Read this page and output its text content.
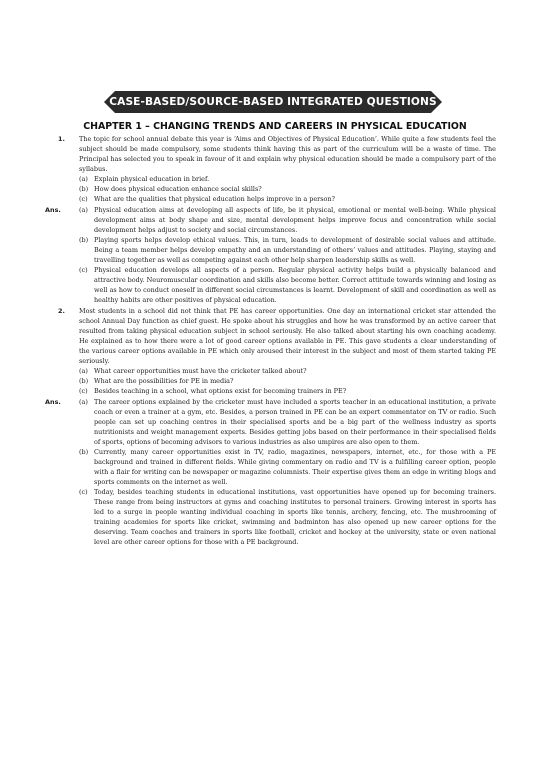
CASE-BASED/SOURCE-BASED INTEGRATED QUESTIONS
CHAPTER 1 – CHANGING TRENDS AND CAREERS IN PHYSICAL EDUCATION
1. The topic for school annual debate this year is ‘Aims and Objectives of Physical Education’. While quite a few students feel the subject should be made compulsory, some students think having this as part of the curriculum will be a waste of time. The Principal has selected you to speak in favour of it and explain why physical education should be made a compulsory part of the syllabus.

(a) Explain physical education in brief.
(b) How does physical education enhance social skills?
(c) What are the qualities that physical education helps improve in a person?
Ans.	(a) Physical education aims at developing all aspects of life, be it physical, emotional or mental well-being. While physical development aims at body shape and size, mental development helps improve focus and concentration while social development helps adjust to society and social circumstances.
(b) Playing sports helps develop ethical values. This, in turn, leads to development of desirable social values and attitude. Being a team member helps develop empathy and an understanding of others’ values and attitudes. Playing, staying and travelling together as well as competing against each other help sharpen leadership skills as well.
(c) Physical education develops all aspects of a person. Regular physical activity helps build a physically balanced and attractive body. Neuromuscular coordination and skills also become better. Correct attitude towards winning and losing as well as how to conduct oneself in different social circumstances is learnt. Development of skill and coordination as well as healthy habits are other positives of physical education.
2. Most students in a school did not think that PE has career opportunities. One day an international cricket star attended the school Annual Day function as chief guest. He spoke about his struggles and how he was transformed by an active career that resulted from taking physical education subject in school seriously. He also talked about starting his own coaching academy. He explained as to how there were a lot of good career options available in PE. This gave students a clear understanding of the various career options available in PE which only aroused their interest in the subject and most of them started taking PE seriously.

(a) What career opportunities must have the cricketer talked about?
(b) What are the possibilities for PE in media?
(c) Besides teaching in a school, what options exist for becoming trainers in PE?
Ans.	(a) The career options explained by the cricketer must have included a sports teacher in an educational institution, a private coach or even a trainer at a gym, etc. Besides, a person trained in PE can be an expert commentator on TV or radio. Such people can set up coaching centres in their specialised sports and be a big part of the wellness industry as sports nutritionists and weight management experts. Besides getting jobs based on their performance in their specialised fields of sports, options of becoming advisors to various industries as also umpires are also open to them.
(b) Currently, many career opportunities exist in TV, radio, magazines, newspapers, internet, etc., for those with a PE background and trained in different fields. While giving commentary on radio and TV is a fulfilling career option, people with a flair for writing can be newspaper or magazine columnists. Their expertise gives them an edge in writing blogs and sports comments on the internet as well.
(c) Today, besides teaching students in educational institutions, vast opportunities have opened up for becoming trainers. These range from being instructors at gyms and coaching institutes to personal trainers. Growing interest in sports has led to a surge in people wanting individual coaching in sports like tennis, archery, fencing, etc. The mushrooming of training academies for sports like cricket, swimming and badminton has also opened up new career options for the deserving. Team coaches and trainers in sports like football, cricket and hockey at the university, state or even national level are other career options for those with a PE background.
